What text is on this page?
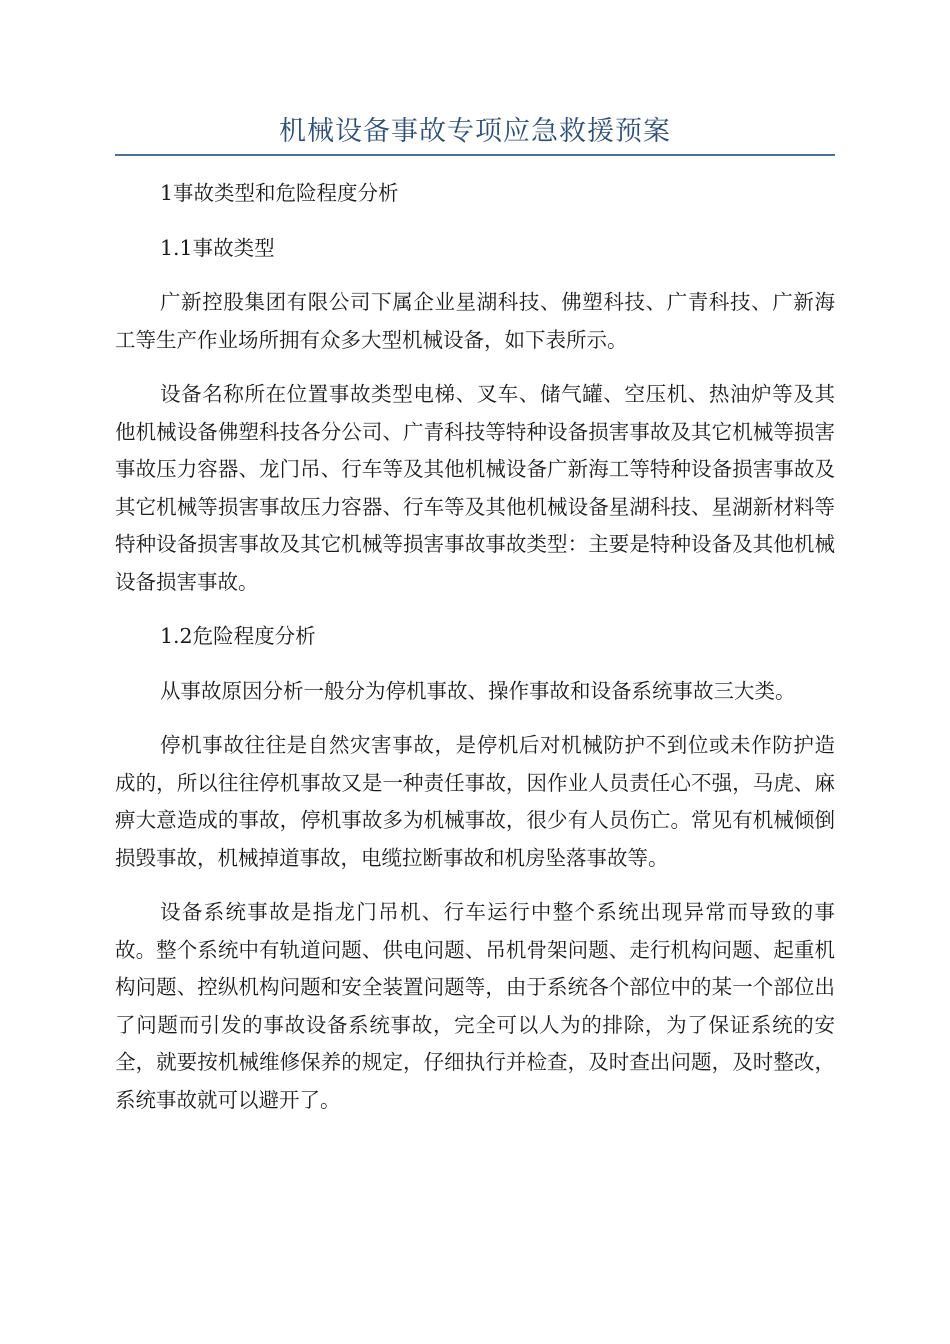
机械设备事故专项应急救援预案

1事故类型和危险程度分析

1.1事故类型

广新控股集团有限公司下属企业星湖科技、佛塑科技、广青科技、广新海工等生产作业场所拥有众多大型机械设备，如下表所示。

设备名称所在位置事故类型电梯、叉车、储气罐、空压机、热油炉等及其他机械设备佛塑科技各分公司、广青科技等特种设备损害事故及其它机械等损害事故压力容器、龙门吊、行车等及其他机械设备广新海工等特种设备损害事故及其它机械等损害事故压力容器、行车等及其他机械设备星湖科技、星湖新材料等特种设备损害事故及其它机械等损害事故事故类型：主要是特种设备及其他机械设备损害事故。

1.2危险程度分析

从事故原因分析一般分为停机事故、操作事故和设备系统事故三大类。

停机事故往往是自然灾害事故，是停机后对机械防护不到位或未作防护造成的，所以往往停机事故又是一种责任事故，因作业人员责任心不强，马虎、麻痹大意造成的事故，停机事故多为机械事故，很少有人员伤亡。常见有机械倾倒损毁事故，机械掉道事故，电缆拉断事故和机房坠落事故等。

设备系统事故是指龙门吊机、行车运行中整个系统出现异常而导致的事故。整个系统中有轨道问题、供电问题、吊机骨架问题、走行机构问题、起重机构问题、控纵机构问题和安全装置问题等，由于系统各个部位中的某一个部位出了问题而引发的事故设备系统事故，完全可以人为的排除，为了保证系统的安全，就要按机械维修保养的规定，仔细执行并检查，及时查出问题，及时整改，系统事故就可以避开了。
